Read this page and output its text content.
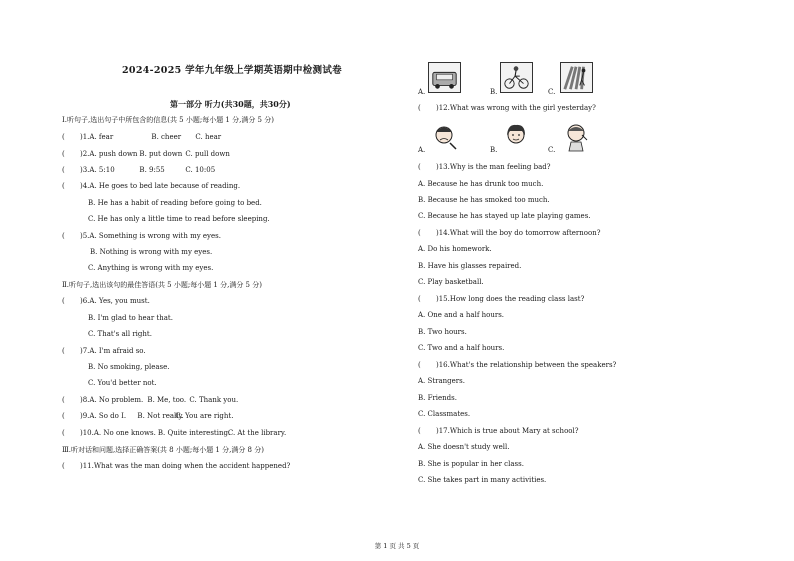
2024-2025 学年九年级上学期英语期中检测试卷
第一部分 听力(共30题，共30分)
Ⅰ.听句子,选出句子中所包含的信息(共 5 小题;每小题 1 分,满分 5 分)
( )1.A. fear	B. cheer C. hear
( )2.A. push down B. put down C. pull down
( )3.A. 5:10	B. 9:55	C. 10:05
( )4.A. He goes to bed late because of reading.
B. He has a habit of reading before going to bed.
C. He has only a little time to read before sleeping.
( )5.A. Something is wrong with my eyes.
B. Nothing is wrong with my eyes.
C. Anything is wrong with my eyes.
Ⅱ.听句子,选出该句的最佳答语(共 5 小题;每小题 1 分,满分 5 分)
( )6.A. Yes, you must.
B. I'm glad to hear that.
C. That's all right.
( )7.A. I'm afraid so.
B. No smoking, please.
C. You'd better not.
( )8.A. No problem. B. Me, too. C. Thank you.
( )9.A. So do I. B. Not really.C. You are right.
( )10.A. No one knows. B. Quite interesting.C. At the library.
Ⅲ.听对话和问题,选择正确答案(共 8 小题;每小题 1 分,满分 8 分)
( )11.What was the man doing when the accident happened?
A.	B.	C.
( )12.What was wrong with the girl yesterday?
A.	B.	C.
( )13.Why is the man feeling bad?
A. Because he has drunk too much.
B. Because he has smoked too much.
C. Because he has stayed up late playing games.
( )14.What will the boy do tomorrow afternoon?
A. Do his homework.
B. Have his glasses repaired.
C. Play basketball.
( )15.How long does the reading class last?
A. One and a half hours.
B. Two hours.
C. Two and a half hours.
( )16.What's the relationship between the speakers?
A. Strangers.
B. Friends.
C. Classmates.
( )17.Which is true about Mary at school?
A. She doesn't study well.
B. She is popular in her class.
C. She takes part in many activities.
第 1 页 共 5 页
